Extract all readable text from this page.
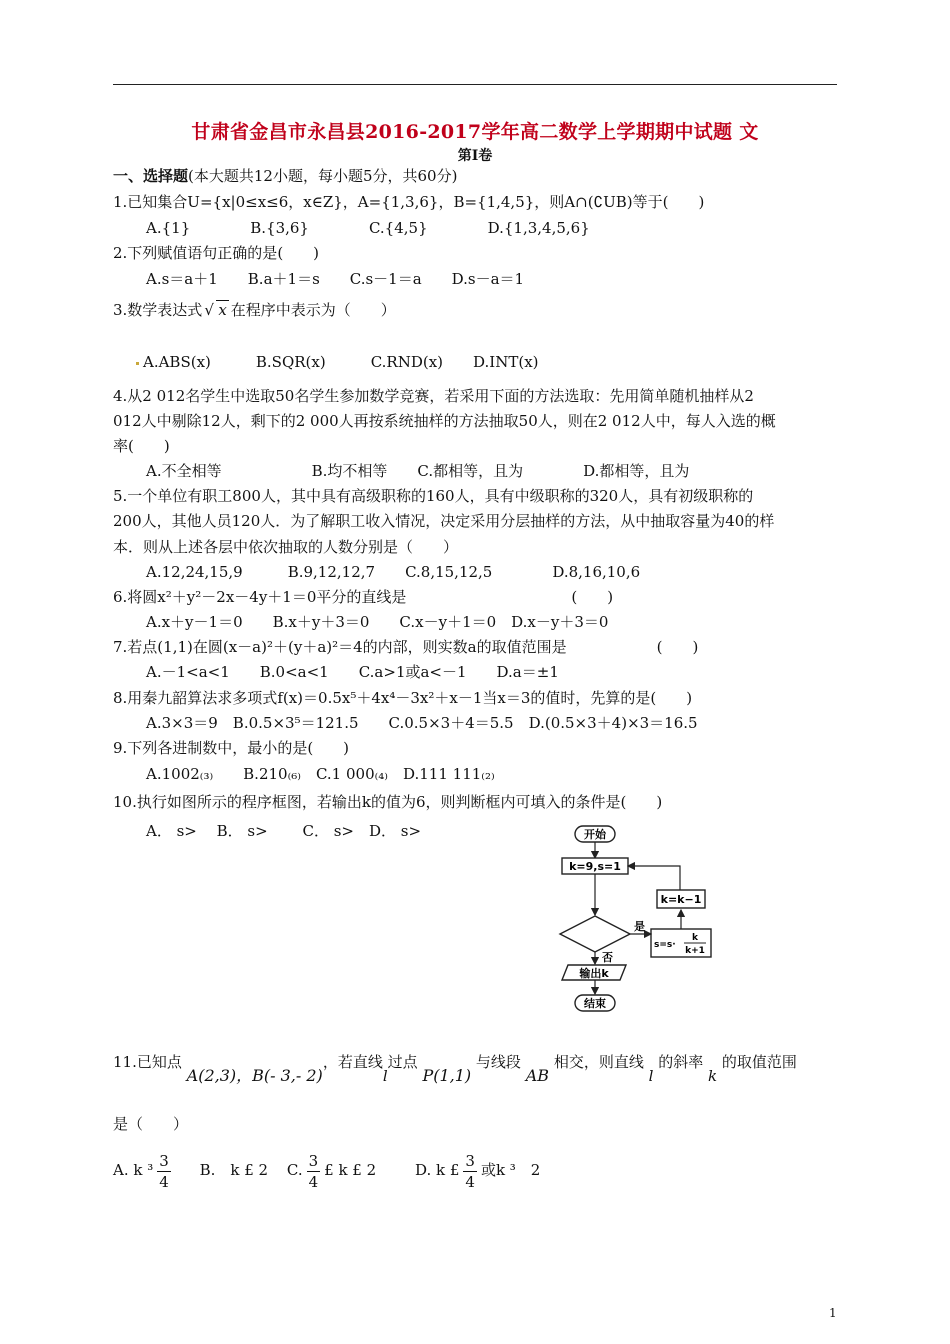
甘肃省金昌市永昌县2016-2017学年高二数学上学期期中试题 文
第Ⅰ卷
一、选择题(本大题共12小题，每小题5分，共60分)
1.已知集合U={x|0≤x≤6，x∈Z}，A={1,3,6}，B={1,4,5}，则A∩(∁UB)等于(　　)
A.{1}　　　　B.{3,6}　　　　C.{4,5}　　　　D.{1,3,4,5,6}
2.下列赋值语句正确的是(　　)
A.s＝a＋1　　B.a＋1＝s　　C.s－1＝a　　D.s－a＝1
3.数学表达式√ x 在程序中表示为（　　）
A.ABS(x)　　　B.SQR(x)　　　C.RND(x)　　D.INT(x)
4.从2 012名学生中选取50名学生参加数学竞赛，若采用下面的方法选取：先用简单随机抽样从2
012人中剔除12人，剩下的2 000人再按系统抽样的方法抽取50人，则在2 012人中，每人入选的概
率(　　)
A.不全相等　　　　　　B.均不相等　　C.都相等，且为　　　　D.都相等，且为
5.一个单位有职工800人，其中具有高级职称的160人，具有中级职称的320人，具有初级职称的
200人，其他人员120人．为了解职工收入情况，决定采用分层抽样的方法，从中抽取容量为40的样
本．则从上述各层中依次抽取的人数分别是（　　）
A.12,24,15,9　　　B.9,12,12,7　　C.8,15,12,5　　　　D.8,16,10,6
6.将圆x²＋y²－2x－4y＋1＝0平分的直线是　　　　　　　　　　　(　　)
A.x＋y－1＝0　　B.x＋y＋3＝0　　C.x－y＋1＝0　D.x－y＋3＝0
7.若点(1,1)在圆(x－a)²＋(y＋a)²＝4的内部，则实数a的取值范围是　　　　　　(　　)
A.－1<a<1　　B.0<a<1　　C.a>1或a<－1　　D.a＝±1
8.用秦九韶算法求多项式f(x)＝0.5x⁵＋4x⁴－3x²＋x－1当x＝3的值时，先算的是(　　)
A.3×3＝9　B.0.5×3⁵＝121.5　　C.0.5×3＋4＝5.5　D.(0.5×3＋4)×3＝16.5
9.下列各进制数中，最小的是(　　)
A.1002₍₃₎　　B.210₍₆₎　C.1 000₍₄₎　D.111 111₍₂₎
10.执行如图所示的程序框图，若输出k的值为6，则判断框内可填入的条件是(　　)
A． s>　 B． s>　　 C． s>　D． s>	开始
k=9,s=1
k=k−1
s=s·
k
k+1
是
否
输出k
结束
11.已知点 A(2,3)，B(- 3,- 2)，若直线l过点 P(1,1) 与线段 AB 相交，则直线 l 的斜率 k 的取值范围
是（　　）
A. k $^3 \frac{3}{4} B$.　k £ 2 C. $\frac{3}{4}$ £ k £ 2	D. k £ $\frac{3}{4}$ 或k ³　2
1
